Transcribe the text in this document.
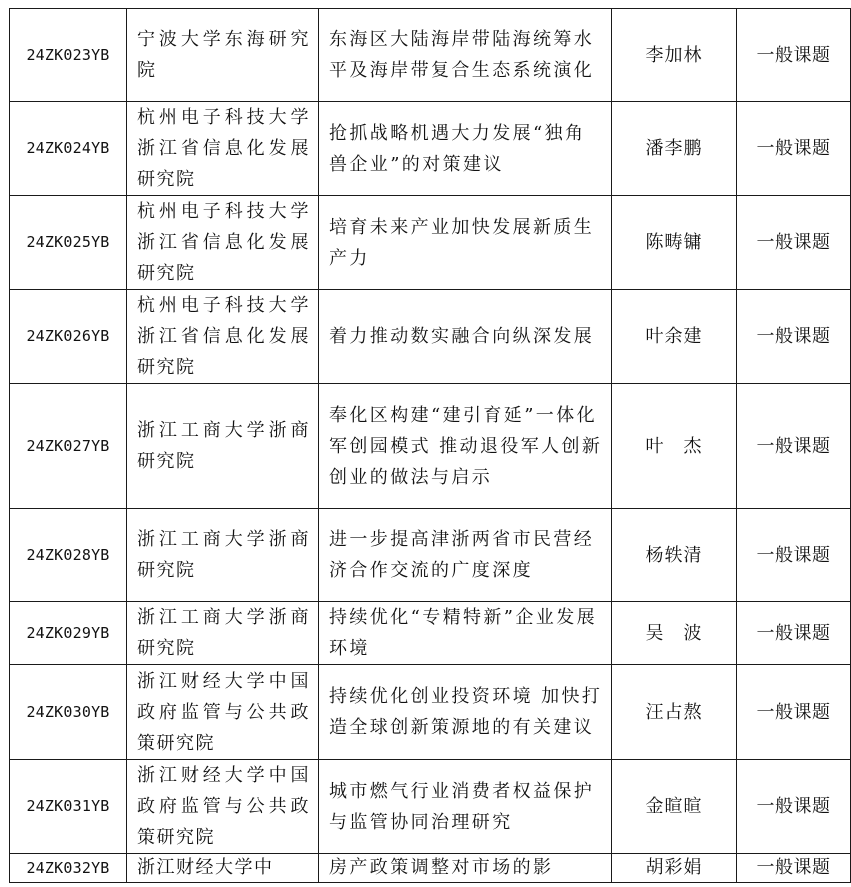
24ZK023YB	宁波大学东海研究院	东海区大陆海岸带陆海统筹水平及海岸带复合生态系统演化	李加林	一般课题
24ZK024YB	杭州电子科技大学浙江省信息化发展研究院	抢抓战略机遇大力发展“独角兽企业”的对策建议	潘李鹏	一般课题
24ZK025YB	杭州电子科技大学浙江省信息化发展研究院	培育未来产业加快发展新质生产力	陈畴镛	一般课题
24ZK026YB	杭州电子科技大学浙江省信息化发展研究院	着力推动数实融合向纵深发展	叶余建	一般课题
24ZK027YB	浙江工商大学浙商研究院	奉化区构建“建引育延”一体化军创园模式 推动退役军人创新创业的做法与启示	叶　杰	一般课题
24ZK028YB	浙江工商大学浙商研究院	进一步提高津浙两省市民营经济合作交流的广度深度	杨轶清	一般课题
24ZK029YB	浙江工商大学浙商研究院	持续优化“专精特新”企业发展环境	吴　波	一般课题
24ZK030YB	浙江财经大学中国政府监管与公共政策研究院	持续优化创业投资环境 加快打造全球创新策源地的有关建议	汪占熬	一般课题
24ZK031YB	浙江财经大学中国政府监管与公共政策研究院	城市燃气行业消费者权益保护与监管协同治理研究	金暄暄	一般课题
24ZK032YB	浙江财经大学中	房产政策调整对市场的影	胡彩娟	一般课题
